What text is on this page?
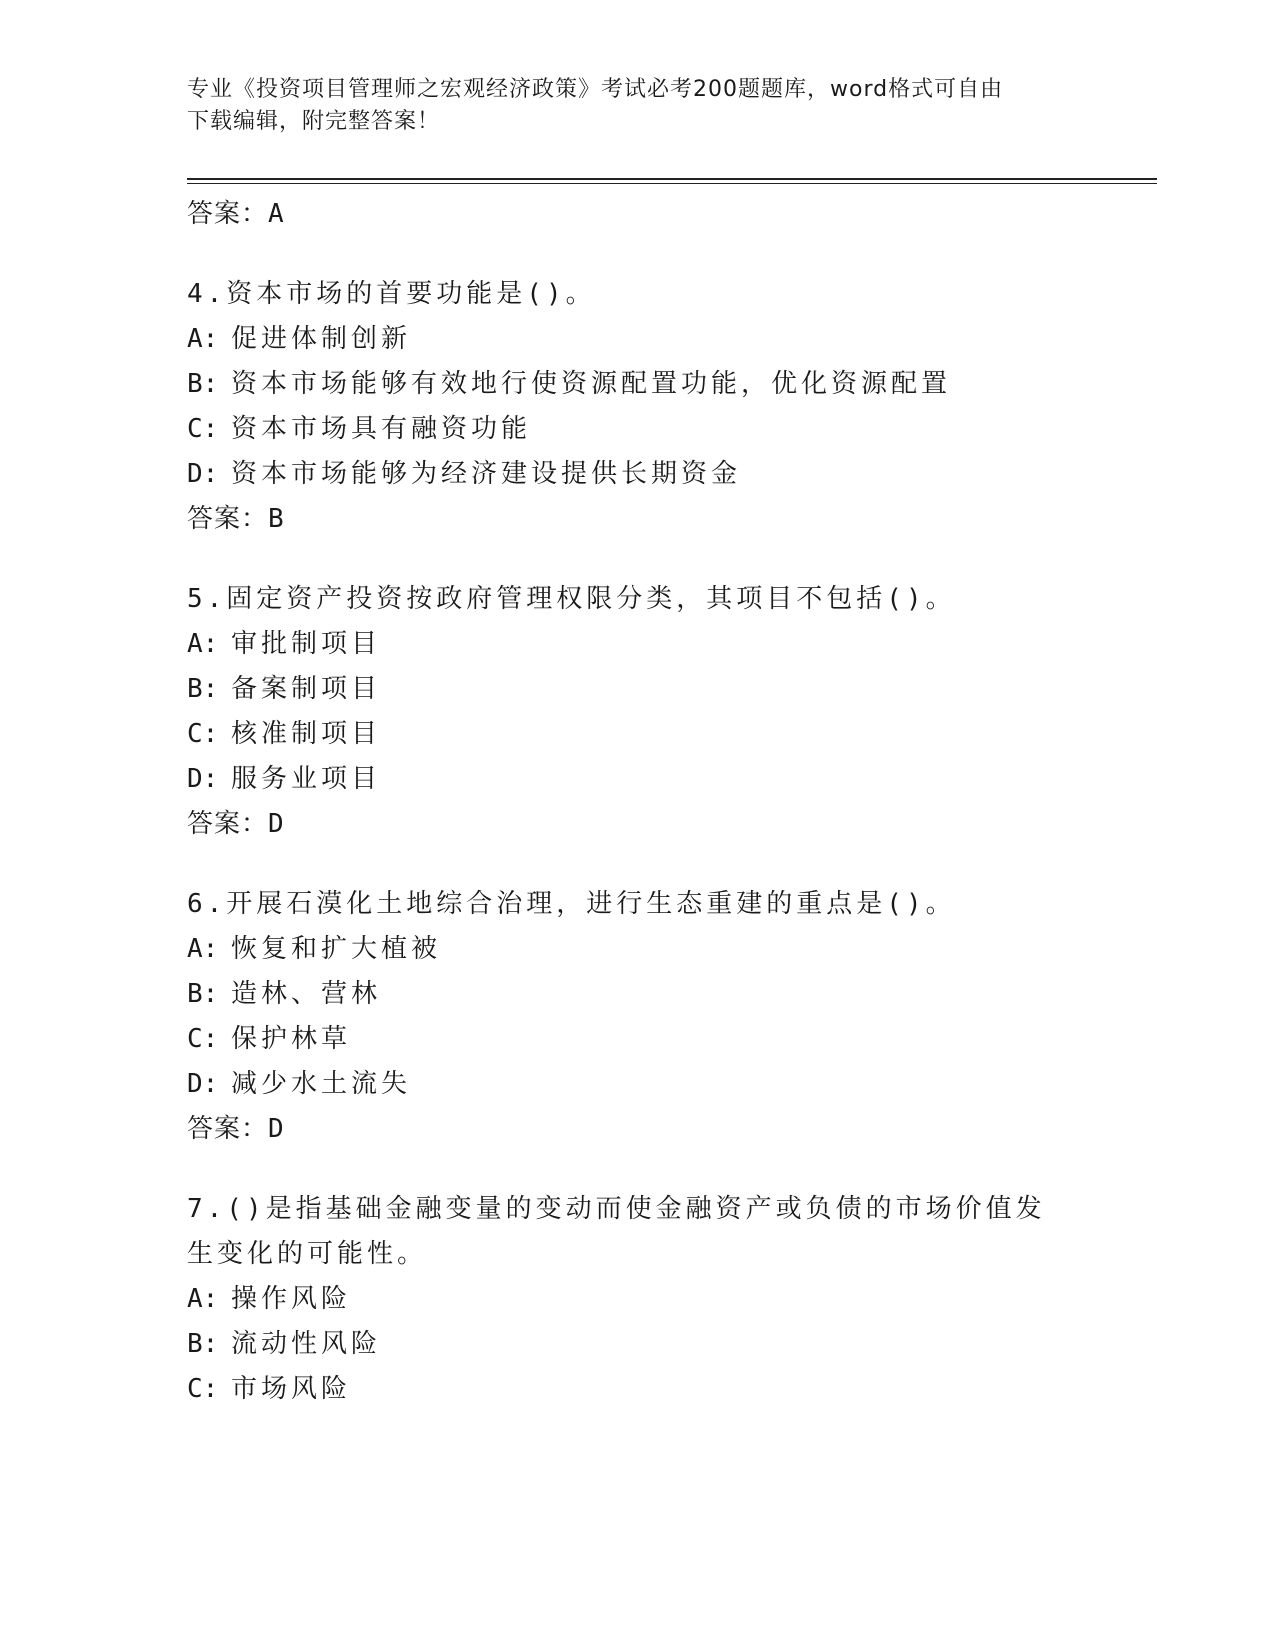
专业《投资项目管理师之宏观经济政策》考试必考200题题库，word格式可自由
下载编辑，附完整答案！
答案：A
4.资本市场的首要功能是()。
A: 促进体制创新
B: 资本市场能够有效地行使资源配置功能，优化资源配置
C: 资本市场具有融资功能
D: 资本市场能够为经济建设提供长期资金
答案：B
5.固定资产投资按政府管理权限分类，其项目不包括()。
A: 审批制项目
B: 备案制项目
C: 核准制项目
D: 服务业项目
答案：D
6.开展石漠化土地综合治理，进行生态重建的重点是()。
A: 恢复和扩大植被
B: 造林、营林
C: 保护林草
D: 减少水土流失
答案：D
7.()是指基础金融变量的变动而使金融资产或负债的市场价值发生变化的可能性。
A: 操作风险
B: 流动性风险
C: 市场风险
